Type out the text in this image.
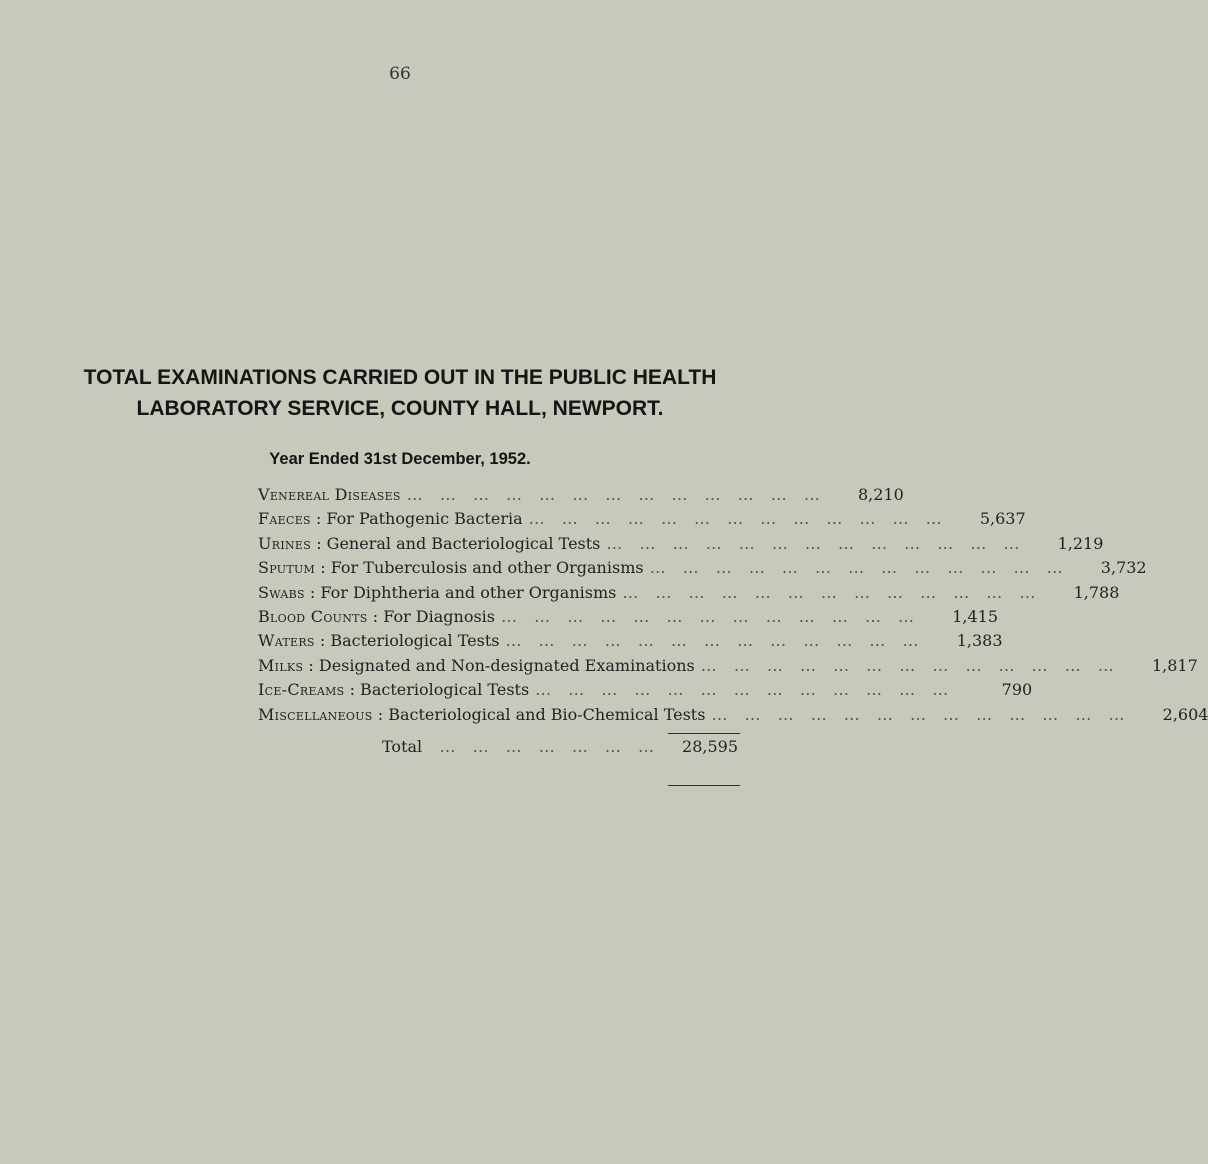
66
TOTAL EXAMINATIONS CARRIED OUT IN THE PUBLIC HEALTH
LABORATORY SERVICE, COUNTY HALL, NEWPORT.
Year Ended 31st December, 1952.
Venereal Diseases … … … … … … … … … … … … …	8,210
Faeces : For Pathogenic Bacteria … … … … … … … … … … … … …	5,637
Urines : General and Bacteriological Tests … … … … … … … … … … … … …	1,219
Sputum : For Tuberculosis and other Organisms … … … … … … … … … … … … …	3,732
Swabs : For Diphtheria and other Organisms … … … … … … … … … … … … …	1,788
Blood Counts : For Diagnosis … … … … … … … … … … … … …	1,415
Waters : Bacteriological Tests … … … … … … … … … … … … …	1,383
Milks : Designated and Non-designated Examinations … … … … … … … … … … … … …	1,817
Ice-Creams : Bacteriological Tests … … … … … … … … … … … … …	790
Miscellaneous : Bacteriological and Bio-Chemical Tests … … … … … … … … … … … … …	2,604
Total	… … … … … … …	28,595
